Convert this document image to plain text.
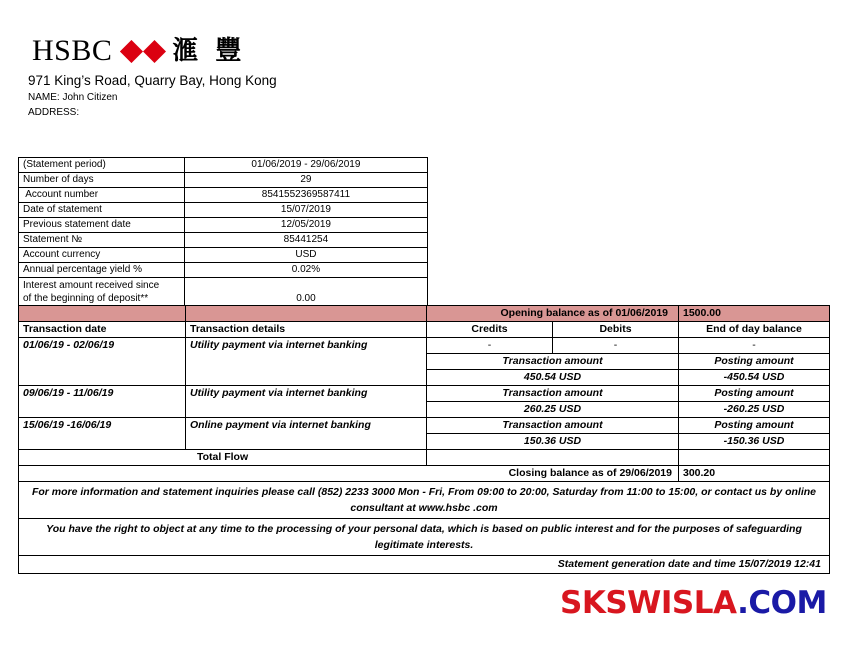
HSBC 滙 豐
971 King’s Road, Quarry Bay, Hong Kong
NAME: John Citizen
ADDRESS:
(Statement period)	01/06/2019 - 29/06/2019
Number of days	29
Account number	8541552369587411
Date of statement	15/07/2019
Previous statement date	12/05/2019
Statement №	85441254
Account currency	USD
Annual percentage yield %	0.02%

Interest amount received since
of the beginning of deposit**	0.00
		Opening balance as of 01/06/2019		1500.00
Transaction date	Transaction details	Credits	Debits	End of day balance
01/06/19 - 02/06/19	Utility payment via internet banking	-	-	-
		Transaction amount		Posting amount
		450.54 USD		-450.54 USD
09/06/19 - 11/06/19	Utility payment via internet banking	Transaction amount		Posting amount
		260.25 USD		-260.25 USD
15/06/19 -16/06/19	Online payment via internet banking	Transaction amount		Posting amount
		150.36 USD		-150.36 USD
Total Flow				
Closing balance as of 29/06/2019				300.20
For more information and statement inquiries please call (852) 2233 3000 Mon - Fri, From 09:00 to 20:00, Saturday from 11:00 to 15:00, or contact us by online consultant at www.hsbc .com				
You have the right to object at any time to the processing of your personal data, which is based on public interest and for the purposes of safeguarding legitimate interests.				
Statement generation date and time 15/07/2019 12:41				
SKSWISLA.COM
